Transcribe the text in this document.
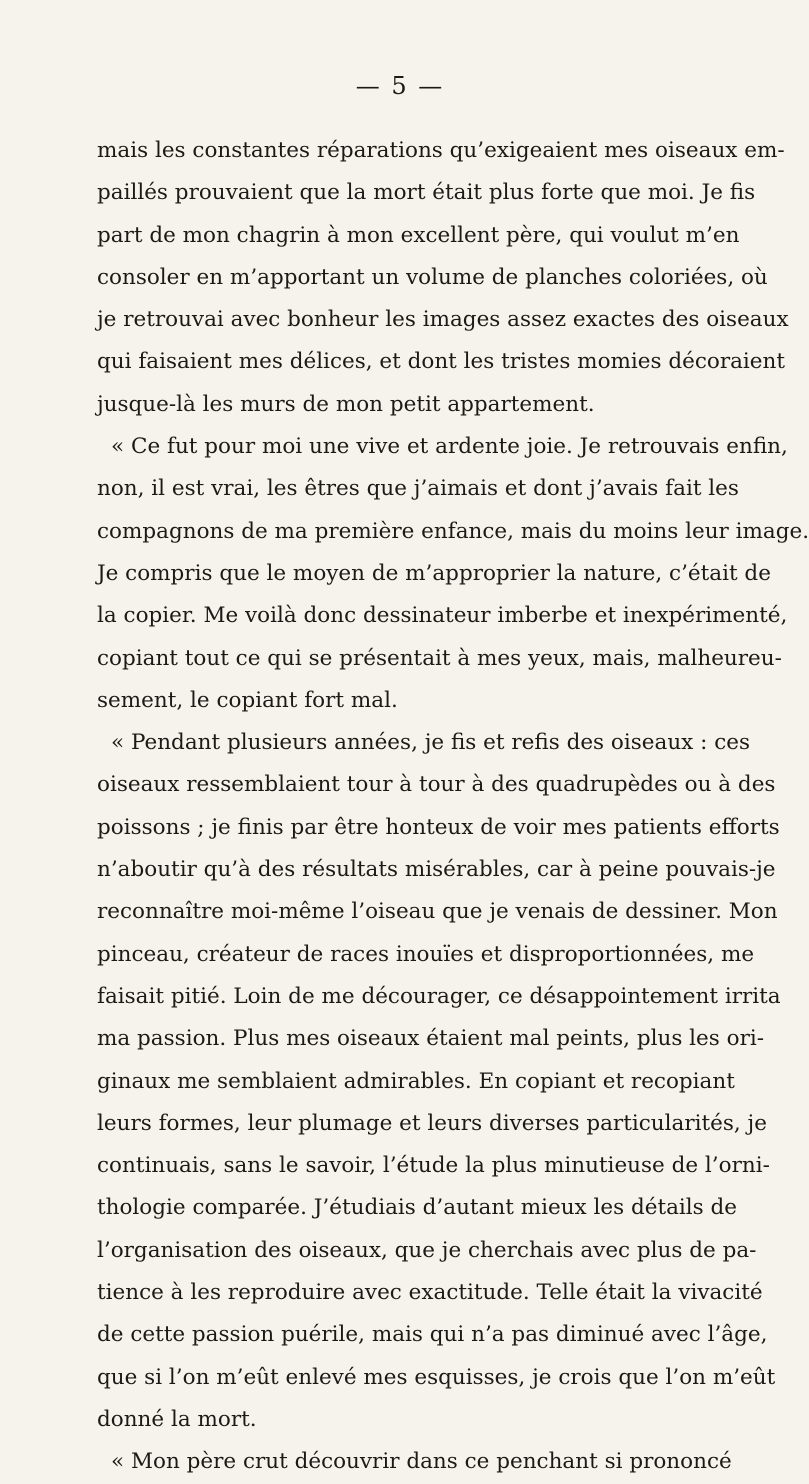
— 5 —
mais les constantes réparations qu’exigeaient mes oiseaux em-
paillés prouvaient que la mort était plus forte que moi. Je fis
part de mon chagrin à mon excellent père, qui voulut m’en
consoler en m’apportant un volume de planches coloriées, où
je retrouvai avec bonheur les images assez exactes des oiseaux
qui faisaient mes délices, et dont les tristes momies décoraient
jusque-là les murs de mon petit appartement.
« Ce fut pour moi une vive et ardente joie. Je retrouvais enfin,
non, il est vrai, les êtres que j’aimais et dont j’avais fait les
compagnons de ma première enfance, mais du moins leur image.
Je compris que le moyen de m’approprier la nature, c’était de
la copier. Me voilà donc dessinateur imberbe et inexpérimenté,
copiant tout ce qui se présentait à mes yeux, mais, malheureu-
sement, le copiant fort mal.
« Pendant plusieurs années, je fis et refis des oiseaux : ces
oiseaux ressemblaient tour à tour à des quadrupèdes ou à des
poissons ; je finis par être honteux de voir mes patients efforts
n’aboutir qu’à des résultats misérables, car à peine pouvais-je
reconnaître moi-même l’oiseau que je venais de dessiner. Mon
pinceau, créateur de races inouïes et disproportionnées, me
faisait pitié. Loin de me décourager, ce désappointement irrita
ma passion. Plus mes oiseaux étaient mal peints, plus les ori-
ginaux me semblaient admirables. En copiant et recopiant
leurs formes, leur plumage et leurs diverses particularités, je
continuais, sans le savoir, l’étude la plus minutieuse de l’orni-
thologie comparée. J’étudiais d’autant mieux les détails de
l’organisation des oiseaux, que je cherchais avec plus de pa-
tience à les reproduire avec exactitude. Telle était la vivacité
de cette passion puérile, mais qui n’a pas diminué avec l’âge,
que si l’on m’eût enlevé mes esquisses, je crois que l’on m’eût
donné la mort.
« Mon père crut découvrir dans ce penchant si prononcé
